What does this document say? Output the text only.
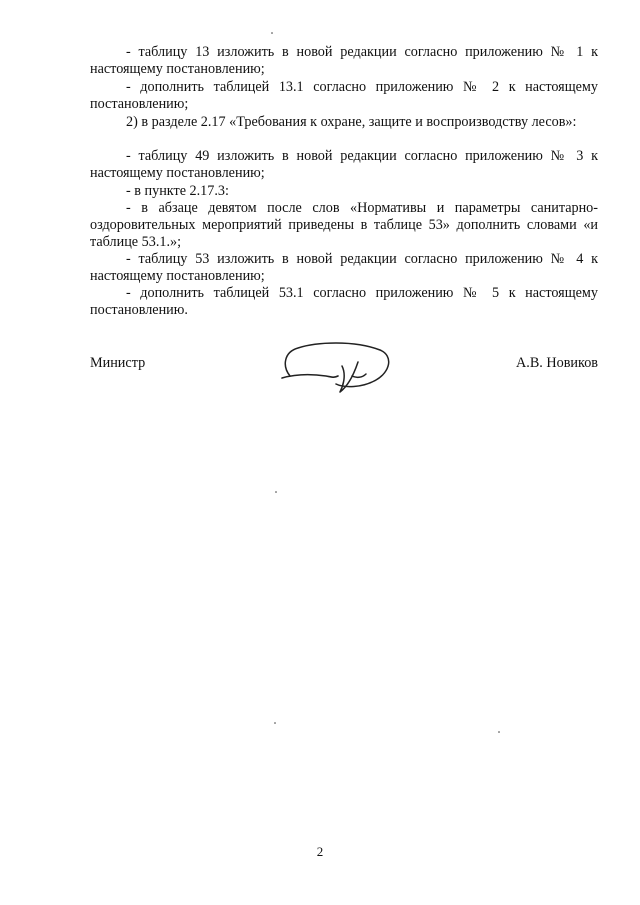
- таблицу 13 изложить в новой редакции согласно приложению № 1 к настоящему постановлению;

- дополнить таблицей 13.1 согласно приложению № 2 к настоящему постановлению;

2) в разделе 2.17 «Требования к охране, защите и воспроизводству лесов»:

- таблицу 49 изложить в новой редакции согласно приложению № 3 к настоящему постановлению;

- в пункте 2.17.3:

- в абзаце девятом после слов «Нормативы и параметры санитарно-оздоровительных мероприятий приведены в таблице 53» дополнить словами «и таблице 53.1.»;

- таблицу 53 изложить в новой редакции согласно приложению № 4 к настоящему постановлению;

- дополнить таблицей 53.1 согласно приложению № 5 к настоящему постановлению.

Министр	А.В. Новиков
2
